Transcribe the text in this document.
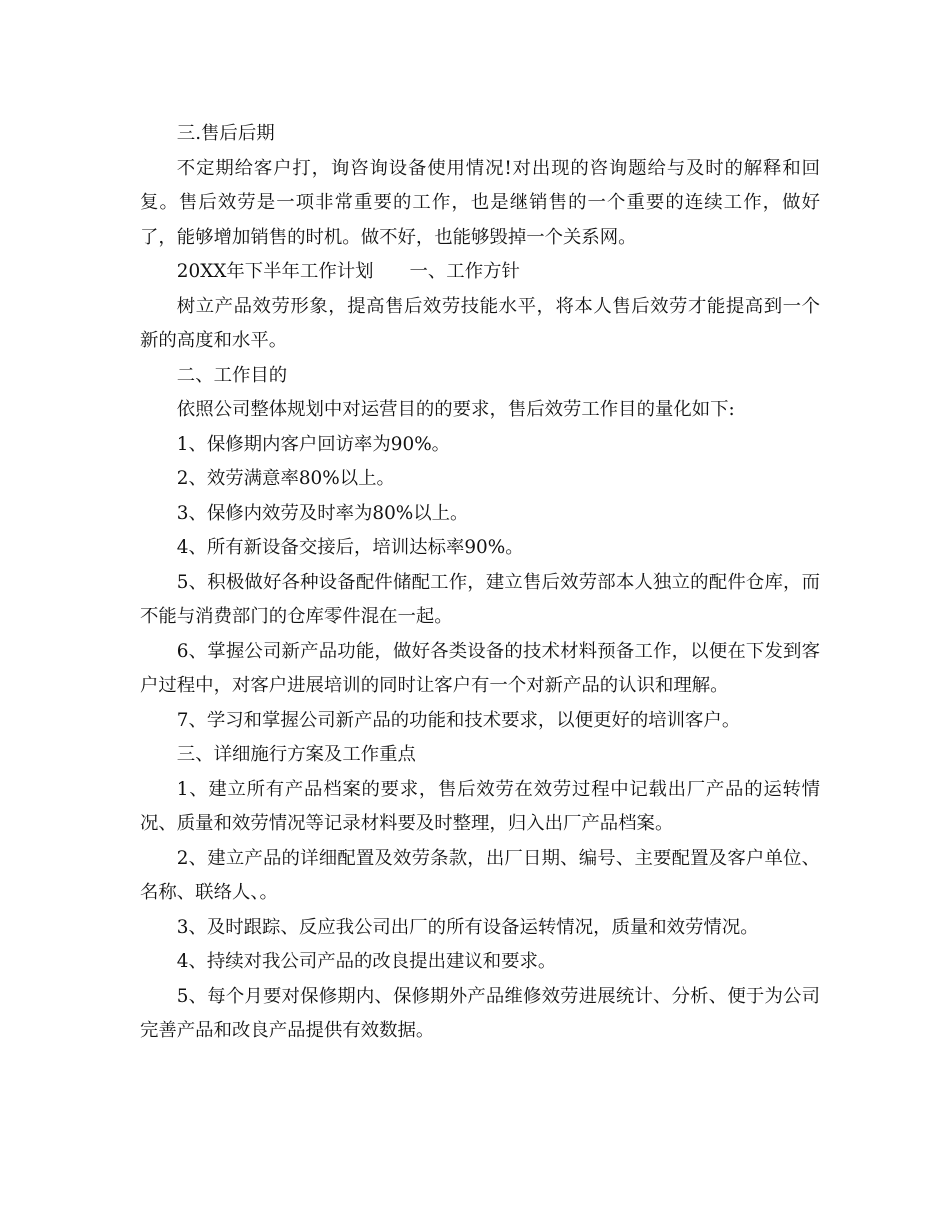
三.售后后期

不定期给客户打，询咨询设备使用情况!对出现的咨询题给与及时的解释和回复。售后效劳是一项非常重要的工作，也是继销售的一个重要的连续工作，做好了，能够增加销售的时机。做不好，也能够毁掉一个关系网。

20XX年下半年工作计划 一、工作方针

树立产品效劳形象，提高售后效劳技能水平，将本人售后效劳才能提高到一个新的高度和水平。

二、工作目的

依照公司整体规划中对运营目的的要求，售后效劳工作目的量化如下:

1、保修期内客户回访率为90%。

2、效劳满意率80%以上。

3、保修内效劳及时率为80%以上。

4、所有新设备交接后，培训达标率90%。

5、积极做好各种设备配件储配工作，建立售后效劳部本人独立的配件仓库，而不能与消费部门的仓库零件混在一起。

6、掌握公司新产品功能，做好各类设备的技术材料预备工作，以便在下发到客户过程中，对客户进展培训的同时让客户有一个对新产品的认识和理解。

7、学习和掌握公司新产品的功能和技术要求，以便更好的培训客户。

三、详细施行方案及工作重点

1、建立所有产品档案的要求，售后效劳在效劳过程中记载出厂产品的运转情况、质量和效劳情况等记录材料要及时整理，归入出厂产品档案。

2、建立产品的详细配置及效劳条款，出厂日期、编号、主要配置及客户单位、名称、联络人、。

3、及时跟踪、反应我公司出厂的所有设备运转情况，质量和效劳情况。

4、持续对我公司产品的改良提出建议和要求。

5、每个月要对保修期内、保修期外产品维修效劳进展统计、分析、便于为公司完善产品和改良产品提供有效数据。
